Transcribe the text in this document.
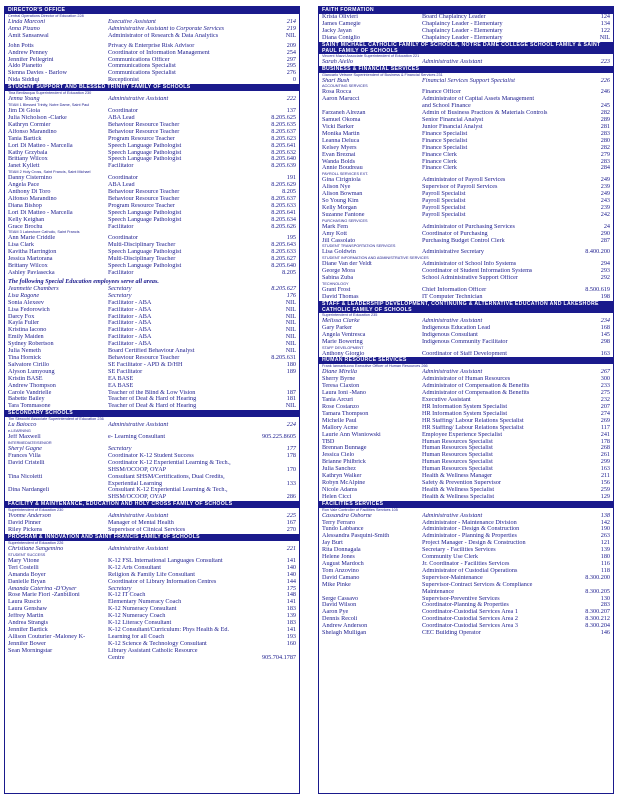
DIRECTOR'S OFFICE
Central Operations Director of Education 228
Linda Marconi	Executive Assistant	214
Anna Pizano	Administrative Assistant to Corporate Services	219
Amit Sansanwal	Administrator of Research & Data Analytics	NIL
John Potts	Privacy & Enterprise Risk Advisor	209
Andrew Penney	Coordinator of Information Management	254
Jennifer Pellegrini	Communications Officer	297
Aldo Pianetto	Communications Specialist	295
Sienna Davies - Barlow	Communications Specialist	276
Nida Siddiqi	Receptionist	0
STUDENT SUPPORT AND BLESSED TRINITY FAMILY OF SCHOOLS
Tina Bevilacqua Superintendent of Education 230
Jenna Young	Administrative Assistant	222
TEAM 1 Blessed Trinity, Notre Dame, Saint Paul
Jim Di Gioia	Coordinator	137
Julia Nicholson -Clarke	ABA Lead	8.205.625
Kathryn Cormier	Behaviour Resource Teacher	8.205.635
Alfonso Marandino	Behaviour Resource Teacher	8.205.637
Tania Bartick	Program Resource Teacher	8.205.623
Lori Di Matteo - Marcella	Speech Language Pathologist	8.205.641
Kathy Grzybala	Speech Language Pathologist	8.205.632
Brittany Wilcox	Speech Language Pathologist	8.205.640
Janet Kyllett	Facilitator	8.205.639
TEAM 2 Holy Cross, Saint Francis, Saint Michael
Danny Cisternino	Coordinator	191
Angela Pace	ABA Lead	8.205.629
Anthony Di Toro	Behaviour Resource Teacher	8.205
Alfonso Marandino	Behaviour Resource Teacher	8.205.637
Diana Bishop	Program Resource Teacher	8.205.633
Lori Di Matteo - Marcella	Speech Language Pathologist	8.205.641
Kelly Keighan	Speech Language Pathologist	8.205.634
Grace Brochu	Facilitator	8.205.626
TEAM 3 Lakeshore Catholic, Saint Francis
Ann Marie Criddle	Coordinator	195
Lisa Clark	Multi-Disciplinary Teacher	8.205.643
Kavitha Harrington	Speech Language Pathologist	8.205.633
Jessica Martorana	Multi-Disciplinary Teacher	8.205.627
Brittany Wilcox	Speech Language Pathologist	8.205.640
Ashley Pavlasecka	Facilitator	8.205
The following Special Education employees serve all areas.
Jeannette Chambers	Secretary	8.205.627
Lisa Ragone	Secretary	176
Sonia Alexeev	Facilitator - ABA	NIL
Lisa Fedorowich	Facilitator - ABA	NIL
Darcy Fox	Facilitator - ABA	NIL
Kayla Fuller	Facilitator - ABA	NIL
Kristina Iacono	Facilitator - ABA	NIL
Emily Maiden	Facilitator - ABA	NIL
Sydney Robertson	Facilitator - ABA	NIL
Julia Nemeth	Board Certified Behaviour Analyst	NIL
Tina Hornick	Behaviour Resource Teacher	8.205.631
Salvatore Cirillo	SE Facilitator - APD & D/HH	180
Alyson Lumyoung	SE Facilitator	189
Kristin BASE	EA BASE
Andrew Thompson	EA BASE
Carole Vandrielle	Teacher of the Blind & Low Vision	187
Babette Bailey	Teacher of Deaf & Hard of Hearing	181
Tara Tommasone	Teacher of Deaf & Hard of Hearing	NIL
SECONDARY SCHOOLS
Tim Sbrocchi Associate Superintendent of Education 236
Lu Baiocco	Administrative Assistant	224
e-LEARNING
Jeff Maxwell	e- Learning Consultant	905.225.8605
INTERMEDIATE/SENIOR
Sheryl Gagne	Secretary	177
Frances Villa	Coordinator K-12 Student Success	178
David Cristelli	Coordinator K-12 Experiential Learning & Tech.,
SHSM/OCOOP, OYAP	170
Tina Nicoletti	Consultant SHSM/Certifications, Dual Credits,
Experiential Learning	133
Dina Nardangeli	Consultant K-12 Experiential Learning & Tech.,
SHSM/OCOOP, OYAP	286
FACILITY & MAINTENANCE, EDUCATION AND HOLY CROSS FAMILY OF SCHOOLS
Superintendent of Education 230
Yvonne Anderson	Administrative Assistant	225
David Pinner	Manager of Mental Health	167
Riley Pickens	Supervisor of Clinical Services	270
PROGRAM & INNOVATION AND SAINT FRANCIS FAMILY OF SCHOOLS
Superintendent of Education 226
Christiane Sangemino	Administrative Assistant	221
STUDENT SUCCESS
Mary Vitone	K-12 FSL International Languages Consultant	141
Teri Costelli	K-12 Arts Consultant	140
Amanda Boyer	Religion & Family Life Consultant	140
Danielle Bryan	Coordinator of Library Information Centres	144
Amanda Caterina -D'Oyser	Secretary	175
Rose Marie Fiori -Zanbilloni	K-12 IT Coach	148
Laura Ruscio	Elementary Numeracy Coach	141
Laura Genshaw	K-12 Numeracy Consultant	183
Jeffrey Martin	K-12 Numeracy Coach	139
Andrea Strangis	K-12 Literacy Consultant	183
Jennifer Bartick	K-12 Consultant/Curriculum: Phys Health & Ed.	141
Allison Couturier -Maloney K-	Learning for all Coach	193
Jennifer Bower	K-12 Science & Technology Consultant	160
Sean Morningstar	Library Assistant Catholic Resource
Centre	905.704.1787
FAITH FORMATION
Krista Olivieri	Board Chaplaincy Leader	124
James Camegie	Chaplaincy Leader - Elementary	134
Jacky Jayan	Chaplaincy Leader - Elementary	122
Diana Coniglio	Chaplaincy Leader - Elementary	NIL
SAINT MICHAEL CATHOLIC FAMILY OF SCHOOLS, NOTRE DAME COLLEGE SCHOOL FAMILY & SAINT PAUL FAMILY OF SCHOOLS
Vincent Mazzi Associate Superintendent of Education 221
Sarah Aiello	Administrative Assistant	223
BUSINESS & FINANCIAL SERVICES
Giancarlo Vetrone Superintendent of Business & Financial Services 231
Shari Bush	Financial Services Support Specialist	226
ACCOUNTING SERVICES
Rosa Rocca	Finance Officer	246
Aaron Marucci	Administrator of Capital Assets Management
and School Finance	245
Farzaneh Alrezan	Admin of Business Practices & Materials Controls	282
Samuel Okoma	Senior Financial Analyst	289
Vicki Barker	Junior Financial Analyst	281
Monika Martin	Finance Specialist	283
Leanna Deluca	Finance Specialist	280
Kelsey Myers	Finance Specialist	282
Evan Breznai	Finance Clerk	279
Wanda Bolds	Finance Clerk	283
Annie Boudreau	Finance Clerk	284
PAYROLL SERVICES EXT.
Gina Cirigniola	Administrator of Payroll Services	249
Alison Nye	Supervisor of Payroll Services	239
Alison Bowman	Payroll Specialist	249
So Young Kim	Payroll Specialist	243
Kelly Morgan	Payroll Specialist	239
Suzanne Fantone	Payroll Specialist	242
PURCHASING SERVICES
Mark Fem	Administrator of Purchasing Services	24
Amy Kott	Coordinator of Purchasing	290
Jill Cassolato	Purchasing Budget Control Clerk	287
STUDENT TRANSPORTATION SERVICES
Lisa Goldwin	Administrative Secretary	8.400.200
STUDENT INFORMATION AND ADMINISTRATIVE SERVICES
Diane Van der Veldt	Administrator of School Info Systems	294
George Mora	Coordinator of Student Information Systems	293
Sabina Zuba	School Administrative Support Officer	292
TECHNOLOGY
Grant Frost	Chief Information Officer	8.500.619
David Thomas	IT Computer Technician	198
STAFF & LEADERSHIP DEVELOPMENT, CONTINUING & ALTERNATIVE EDUCATION AND LAKESHORE CATHOLIC FAMILY OF SCHOOLS
Superintendent of Education 235
Melissa Clarke	Administrative Assistant	234
Gary Parker	Indigenous Education Lead	168
Angela Ventresca	Indigenous Consultant	145
Marie Bowering	Indigenous Community Facilitator	298
STAFF DEVELOPMENT
Anthony Giorgio	Coordinator of Staff Development	163
HUMAN RESOURCE SERVICES
Frank Iannantuono Executive Officer of Human Resources 266
Diane Mirella	Administrative Assistant	267
Sherry Byrne	Administrator of Human Resources	300
Teresa Claxton	Administrator of Compensation & Benefits	233
Laura Ioni -Mano	Administrator of Compensation & Benefits	275
Tania Arcuri	Executive Assistant	232
Rose Costanzo	HR Information System Specialist	207
Tamara Thompson	HR Information System Specialist	274
Michelle Paul	HR Staffing/ Labour Relations Specialist	269
Mallory Acme	HR Staffing/ Labour Relations Specialist	117
Laurie Ann Wisniowski	Employee Experience Specialist	241
TBD	Human Resources Specialist	178
Brennan Bunnage	Human Resources Specialist	268
Jessica Cielo	Human Resources Specialist	261
Brianne Philbrick	Human Resources Specialist	299
Julia Sanchez	Human Resources Specialist	163
Kathryn Walker	Health & Wellness Manager	211
Robyn McAlpine	Safety & Prevention Supervisor	156
Nicole Adams	Health & Wellness Specialist	259
Helen Cicci	Health & Wellness Specialist	129
FACILITIES SERVICES
Ron Vale Controller of Facilities Services 105
Cassandra Osborne	Administrative Assistant	138
Terry Ferraro	Administrator - Maintenance Division	142
Tundo Labbance	Administrator - Design & Construction	190
Alessandra Pasquini-Smith	Administrator - Planning & Properties	263
Jay Burt	Project Manager - Design & Construction	121
Rita Donnagala	Secretary - Facilities Services	139
Helene Jones	Community Use Clerk	180
August Mardoch	Jr. Coordinator - Facilities Services	116
Tom Anzovino	Administrator of Custodial Operations	118
David Camano	Supervisor-Maintenance	8.300.200
Mike Pinke	Supervisor-Contract Services & Compliance
Maintenance	8.300.205
Serge Cassavo	Supervisor-Preventive Services	130
David Wilson	Coordinator-Planning & Properties	283
Aaron Pye	Coordinator-Custodial Services Area 1	8.300.207
Dennis Recoli	Coordinator-Custodial Services Area 2	8.300.212
Andrew Anderson	Coordinator-Custodial Services Area 3	8.300.204
Shelagh Mulligan	CEC Building Operator	146
